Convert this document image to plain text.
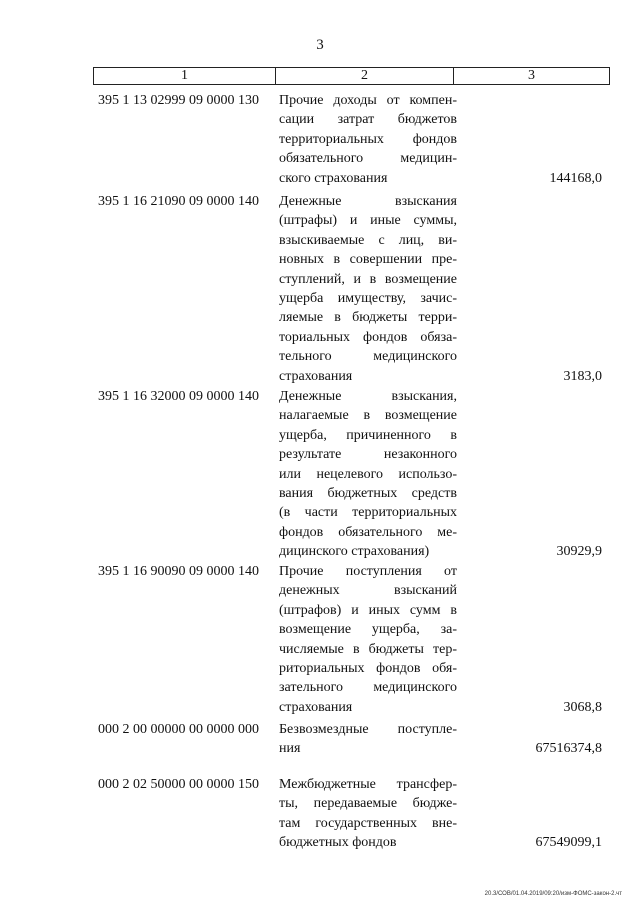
3
1	2	3
395 1 13 02999 09 0000 130	Прочие доходы от компен-
сации затрат бюджетов
территориальных фондов
обязательного медицин-
ского страхования	144168,0
395 1 16 21090 09 0000 140	Денежные взыскания
(штрафы) и иные суммы,
взыскиваемые с лиц, ви-
новных в совершении пре-
ступлений, и в возмещение
ущерба имуществу, зачис-
ляемые в бюджеты терри-
ториальных фондов обяза-
тельного медицинского
страхования	3183,0
395 1 16 32000 09 0000 140	Денежные взыскания,
налагаемые в возмещение
ущерба, причиненного в
результате незаконного
или нецелевого использо-
вания бюджетных средств
(в части территориальных
фондов обязательного ме-
дицинского страхования)	30929,9
395 1 16 90090 09 0000 140	Прочие поступления от
денежных взысканий
(штрафов) и иных сумм в
возмещение ущерба, за-
числяемые в бюджеты тер-
риториальных фондов обя-
зательного медицинского
страхования	3068,8
000 2 00 00000 00 0000 000	Безвозмездные поступле-
ния	67516374,8
000 2 02 50000 00 0000 150	Межбюджетные трансфер-
ты, передаваемые бюдже-
там государственных вне-
бюджетных фондов	67549099,1
20.3/СОВ/01.04.2019/09:20/изм-ФОМС-закон-2.чт
